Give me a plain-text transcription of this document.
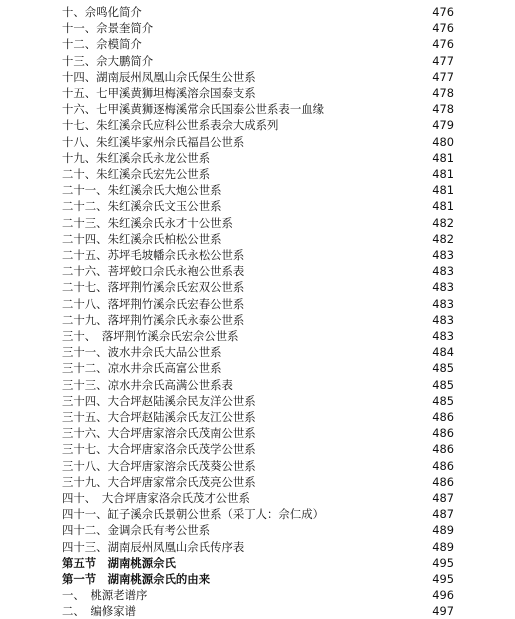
十、佘鸣化简介	476
十一、佘景奎简介	476
十二、佘模简介	476
十三、佘大鹏简介	477
十四、湖南辰州凤凰山佘氏保生公世系	477
十五、七甲溪黄狮坦梅溪溶佘国泰支系	478
十六、七甲溪黄狮逐梅溪常佘氏国泰公世系表一血缘	478
十七、朱红溪佘氏应科公世系表佘大成系列	479
十八、朱红溪毕家州佘氏福昌公世系	480
十九、朱红溪佘氏永龙公世系	481
二十、朱红溪佘氏宏先公世系	481
二十一、朱红溪佘氏大炮公世系	481
二十二、朱红溪佘氏文玉公世系	481
二十三、朱红溪佘氏永才十公世系	482
二十四、朱红溪佘氏柏松公世系	482
二十五、苏坪毛坡幡佘氏永松公世系	483
二十六、菩坪蛟口佘氏永袍公世系表	483
二十七、落坪荆竹溪佘氏宏双公世系	483
二十八、落坪荆竹溪佘氏宏春公世系	483
二十九、落坪荆竹溪佘氏永泰公世系	483
三十、　落坪荆竹溪佘氏宏佘公世系	483
三十一、波水井佘氏大品公世系	484
三十二、凉水井佘氏高富公世系	485
三十三、凉水井佘氏高满公世系表	485
三十四、大合坪赵陆溪佘民友洋公世系	485
三十五、大合坪赵陆溪佘氏友江公世系	486
三十六、大合坪唐家溶佘氏茂南公世系	486
三十七、大合坪唐家洛佘氏茂学公世系	486
三十八、大合坪唐家溶佘氏茂葵公世系	486
三十九、大合坪唐家常佘氏茂亮公世系	486
四十、　大合坪唐家洛佘氏茂才公世系	487
四十一、缸子溪佘氏景朝公世系（采丁人：佘仁成）	487
四十二、金调佘氏有考公世系	489
四十三、湖南辰州凤凰山佘氏传序表	489
第五节　湖南桃源佘氏	495
第一节　湖南桃源佘氏的由来	495
一、　桃源老谱序	496
二、　编修家谱	497
